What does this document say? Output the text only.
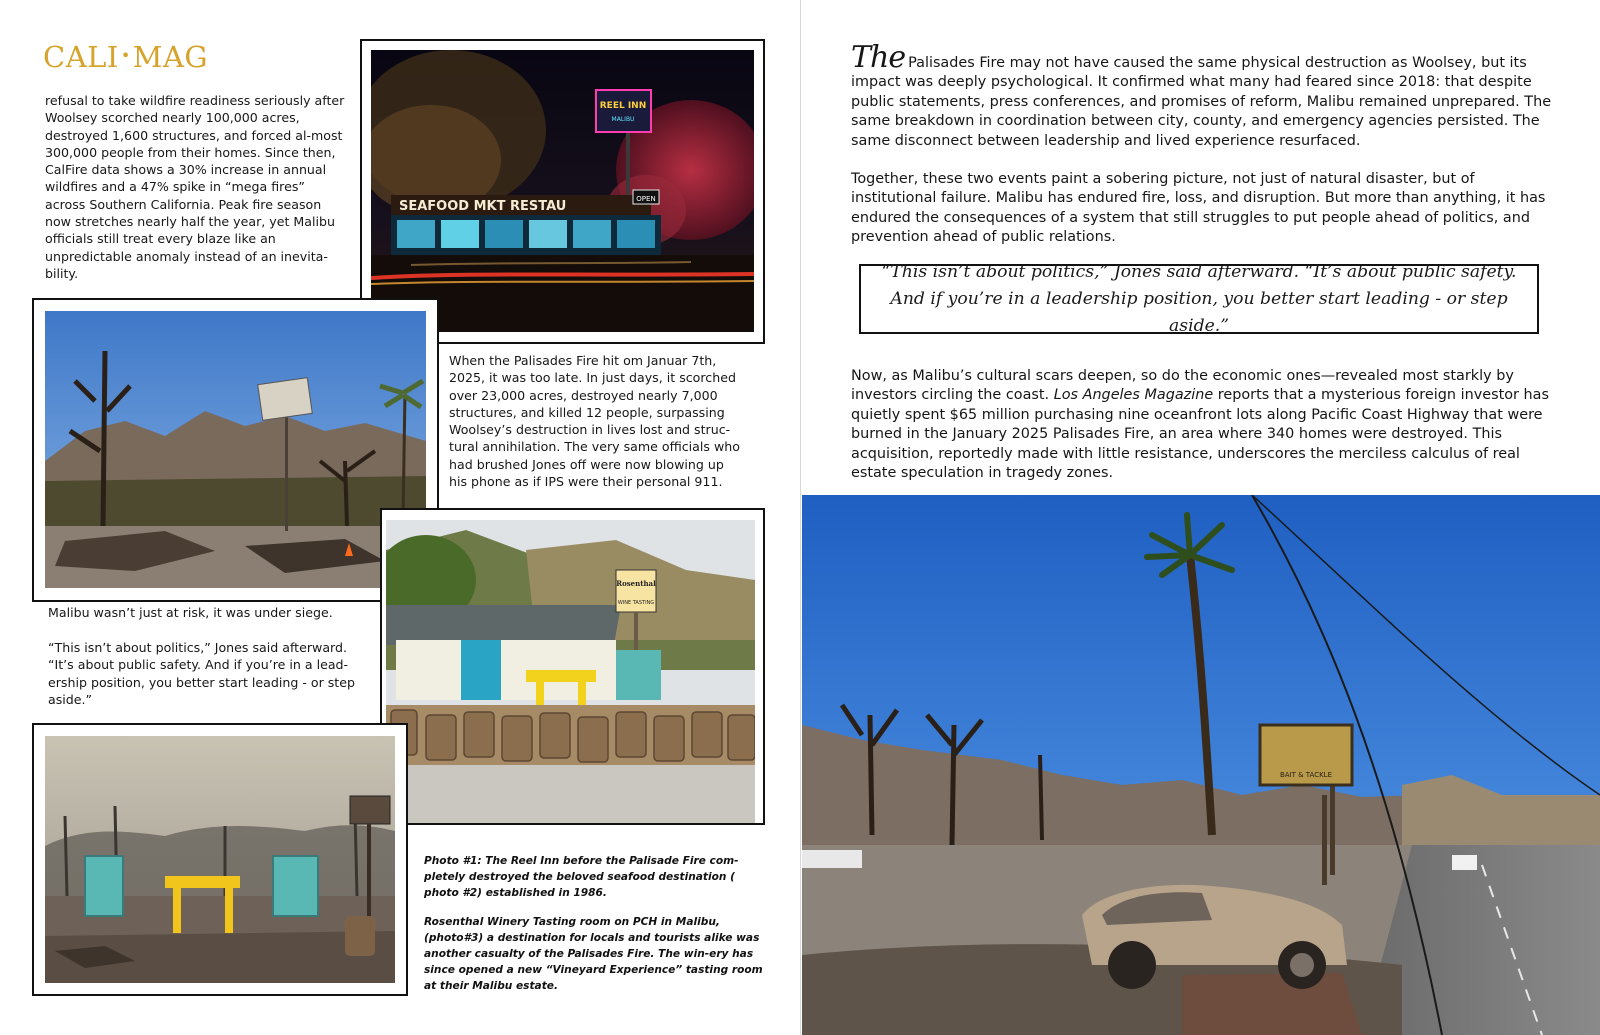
CALI •MAG

refusal to take wildfire readiness seriously after Woolsey scorched nearly 100,000 acres, destroyed 1,600 structures, and forced al-most 300,000 people from their homes. Since then, CalFire data shows a 30% increase in annual wildfires and a 47% spike in “mega fires” across Southern California. Peak fire season now stretches nearly half the year, yet Malibu officials still treat every blaze like an unpredictable anomaly instead of an inevita-bility.

REEL INN
MALIBU
SEAFOOD MKT RESTAU	OPEN

When the Palisades Fire hit om Januar 7th, 2025, it was too late. In just days, it scorched over 23,000 acres, destroyed nearly 7,000 structures, and killed 12 people, surpassing Woolsey’s destruction in lives lost and struc-tural annihilation. The very same officials who had brushed Jones off were now blowing up his phone as if IPS were their personal 911.

Rosenthal
WINE TASTING

Malibu wasn’t just at risk, it was under siege.

“This isn’t about politics,” Jones said afterward. “It’s about public safety. And if you’re in a lead-ership position, you better start leading - or step aside.”

Photo #1: The Reel Inn before the Palisade Fire com-pletely destroyed the beloved seafood destination ( photo #2) established in 1986.

Rosenthal Winery Tasting room on PCH in Malibu, (photo#3) a destination for locals and tourists alike was another casualty of the Palisades Fire. The win-ery has since opened a new “Vineyard Experience” tasting room at their Malibu estate.

The Palisades Fire may not have caused the same physical destruction as Woolsey, but its impact was deeply psychological. It confirmed what many had feared since 2018: that despite public statements, press conferences, and promises of reform, Malibu remained unprepared. The same breakdown in coordination between city, county, and emergency agencies persisted. The same disconnect between leadership and lived experience resurfaced.

Together, these two events paint a sobering picture, not just of natural disaster, but of institutional failure. Malibu has endured fire, loss, and disruption. But more than anything, it has endured the consequences of a system that still struggles to put people ahead of politics, and prevention ahead of public relations.

“This isn’t about politics,” Jones said afterward. “It’s about public safety. And if you’re in a leadership position, you better start leading - or step aside.”

Now, as Malibu’s cultural scars deepen, so do the economic ones—revealed most starkly by investors circling the coast. Los Angeles Magazine reports that a mysterious foreign investor has quietly spent $65 million purchasing nine oceanfront lots along Pacific Coast Highway that were burned in the January 2025 Palisades Fire, an area where 340 homes were destroyed. This acquisition, reportedly made with little resistance, underscores the merciless calculus of real estate speculation in tragedy zones.

BAIT & TACKLE
